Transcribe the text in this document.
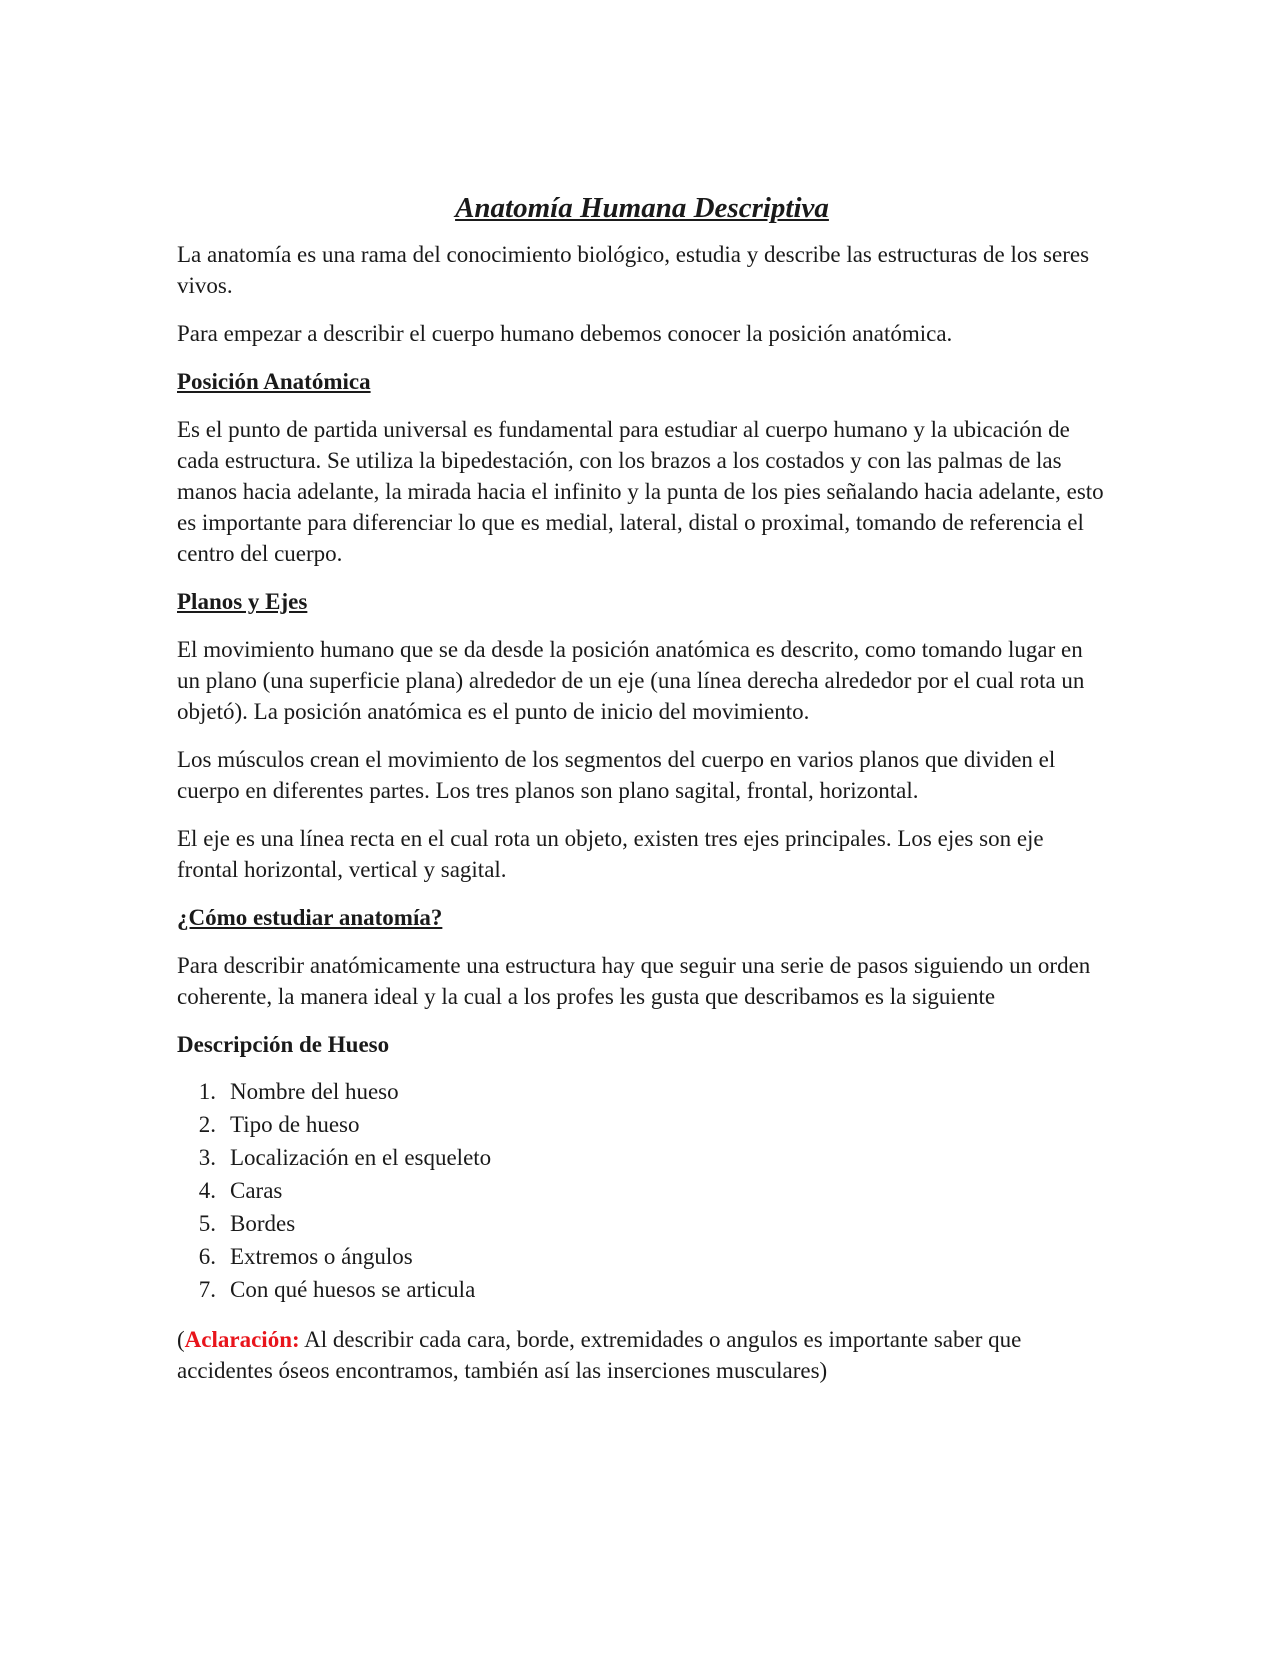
Anatomía Humana Descriptiva

La anatomía es una rama del conocimiento biológico, estudia y describe las estructuras de los seres vivos.

Para empezar a describir el cuerpo humano debemos conocer la posición anatómica.

Posición Anatómica

Es el punto de partida universal es fundamental para estudiar al cuerpo humano y la ubicación de cada estructura. Se utiliza la bipedestación, con los brazos a los costados y con las palmas de las manos hacia adelante, la mirada hacia el infinito y la punta de los pies señalando hacia adelante, esto es importante para diferenciar lo que es medial, lateral, distal o proximal, tomando de referencia el centro del cuerpo.

Planos y Ejes

El movimiento humano que se da desde la posición anatómica es descrito, como tomando lugar en un plano (una superficie plana) alrededor de un eje (una línea derecha alrededor por el cual rota un objetó). La posición anatómica es el punto de inicio del movimiento.

Los músculos crean el movimiento de los segmentos del cuerpo en varios planos que dividen el cuerpo en diferentes partes. Los tres planos son plano sagital, frontal, horizontal.

El eje es una línea recta en el cual rota un objeto, existen tres ejes principales. Los ejes son eje frontal horizontal, vertical y sagital.

¿Cómo estudiar anatomía?

Para describir anatómicamente una estructura hay que seguir una serie de pasos siguiendo un orden coherente, la manera ideal y la cual a los profes les gusta que describamos es la siguiente

Descripción de Hueso
1. Nombre del hueso
2. Tipo de hueso
3. Localización en el esqueleto
4. Caras
5. Bordes
6. Extremos o ángulos
7. Con qué huesos se articula

(Aclaración: Al describir cada cara, borde, extremidades o angulos es importante saber que accidentes óseos encontramos, también así las inserciones musculares)
